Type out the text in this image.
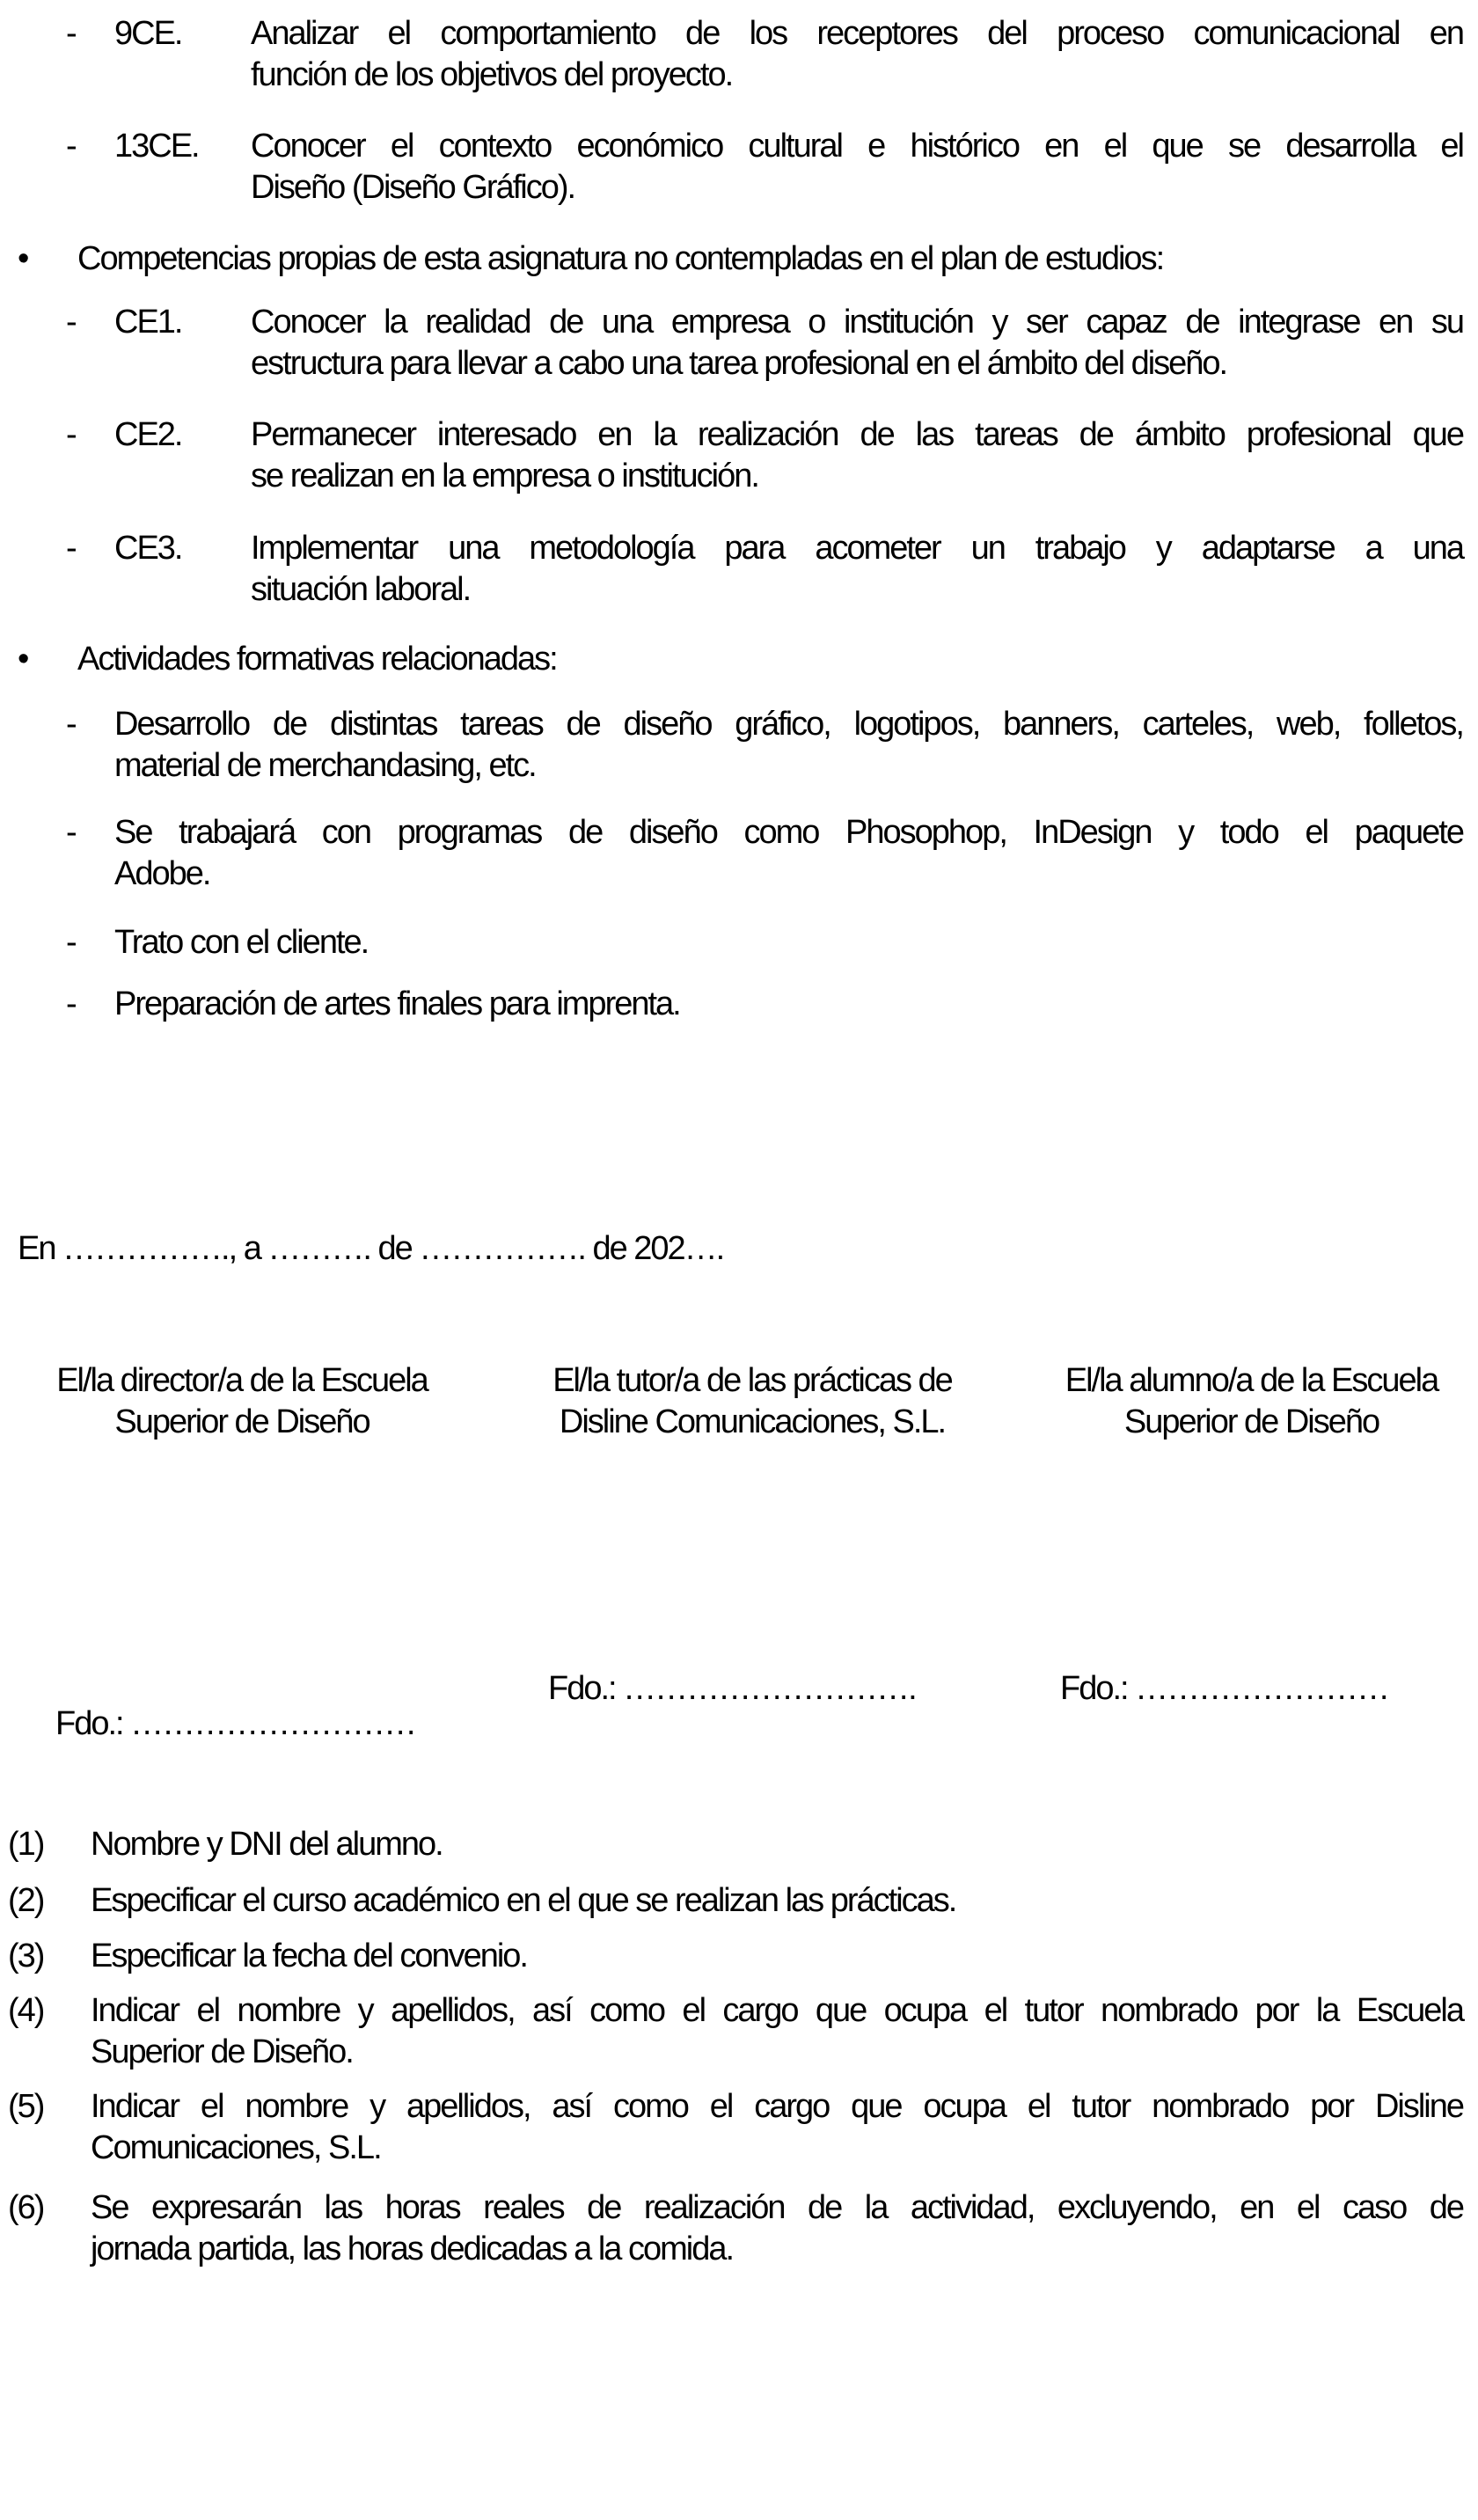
-	9CE.	Analizar el comportamiento de los receptores del proceso comunicacional en
función de los objetivos del proyecto.
-	13CE.	Conocer el contexto económico cultural e histórico en el que se desarrolla el
Diseño (Diseño Gráfico).
•	Competencias propias de esta asignatura no contempladas en el plan de estudios:
-	CE1.	Conocer la realidad de una empresa o institución y ser capaz de integrase en su
estructura para llevar a cabo una tarea profesional en el ámbito del diseño.
-	CE2.	Permanecer interesado en la realización de las tareas de ámbito profesional que
se realizan en la empresa o institución.
-	CE3.	Implementar una metodología para acometer un trabajo y adaptarse a una
situación laboral.
•	Actividades formativas relacionadas:
-	Desarrollo de distintas tareas de diseño gráfico, logotipos, banners, carteles, web, folletos,
material de merchandasing, etc.
-	Se trabajará con programas de diseño como Phosophop, InDesign y todo el paquete
Adobe.
-	Trato con el cliente.
-	Preparación de artes finales para imprenta.
En ……………., a ………. de ……………. de 202….
El/la director/a de la Escuela
Superior de Diseño
El/la tutor/a de las prácticas de
Disline Comunicaciones, S.L.
El/la alumno/a de la Escuela
Superior de Diseño
Fdo.: ……………………….	Fdo.: ……………………
Fdo.: ………………………
(1)	Nombre y DNI del alumno.
(2)	Especificar el curso académico en el que se realizan las prácticas.
(3)	Especificar la fecha del convenio.
(4)	Indicar el nombre y apellidos, así como el cargo que ocupa el tutor nombrado por la Escuela
Superior de Diseño.
(5)	Indicar el nombre y apellidos, así como el cargo que ocupa el tutor nombrado por Disline
Comunicaciones, S.L.
(6)	Se expresarán las horas reales de realización de la actividad, excluyendo, en el caso de
jornada partida, las horas dedicadas a la comida.
